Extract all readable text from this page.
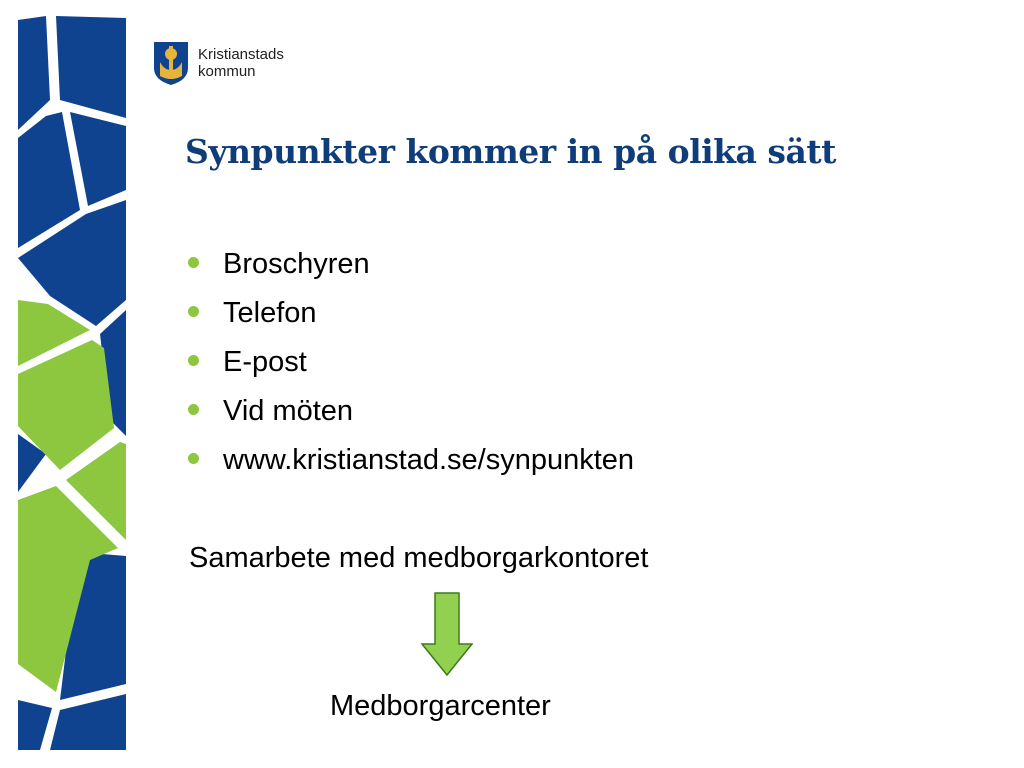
Kristianstads
kommun
Synpunkter kommer in på olika sätt
Broschyren
Telefon
E-post
Vid möten
www.kristianstad.se/synpunkten

Samarbete med medborgarkontoret

Medborgarcenter
